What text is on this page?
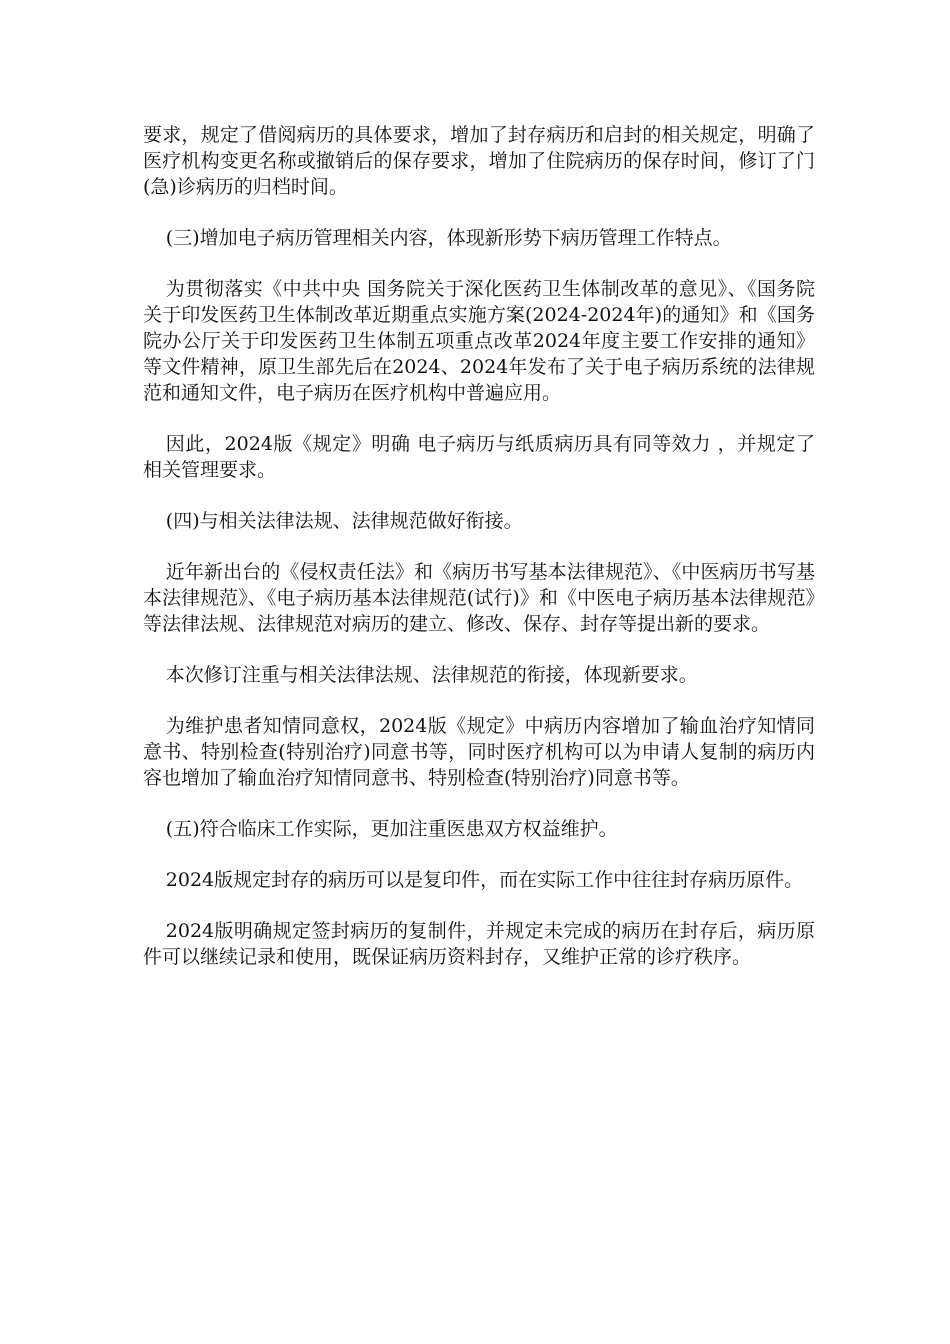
要求，规定了借阅病历的具体要求，增加了封存病历和启封的相关规定，明确了医疗机构变更名称或撤销后的保存要求，增加了住院病历的保存时间，修订了门(急)诊病历的归档时间。

(三)增加电子病历管理相关内容，体现新形势下病历管理工作特点。

为贯彻落实《中共中央 国务院关于深化医药卫生体制改革的意见》、《国务院关于印发医药卫生体制改革近期重点实施方案(2024-2024年)的通知》和《国务院办公厅关于印发医药卫生体制五项重点改革2024年度主要工作安排的通知》等文件精神，原卫生部先后在2024、2024年发布了关于电子病历系统的法律规范和通知文件，电子病历在医疗机构中普遍应用。

因此，2024版《规定》明确 电子病历与纸质病历具有同等效力 ，并规定了相关管理要求。

(四)与相关法律法规、法律规范做好衔接。

近年新出台的《侵权责任法》和《病历书写基本法律规范》、《中医病历书写基本法律规范》、《电子病历基本法律规范(试行)》和《中医电子病历基本法律规范》等法律法规、法律规范对病历的建立、修改、保存、封存等提出新的要求。

本次修订注重与相关法律法规、法律规范的衔接，体现新要求。

为维护患者知情同意权，2024版《规定》中病历内容增加了输血治疗知情同意书、特别检查(特别治疗)同意书等，同时医疗机构可以为申请人复制的病历内容也增加了输血治疗知情同意书、特别检查(特别治疗)同意书等。

(五)符合临床工作实际，更加注重医患双方权益维护。

2024版规定封存的病历可以是复印件，而在实际工作中往往封存病历原件。

2024版明确规定签封病历的复制件，并规定未完成的病历在封存后，病历原件可以继续记录和使用，既保证病历资料封存，又维护正常的诊疗秩序。
